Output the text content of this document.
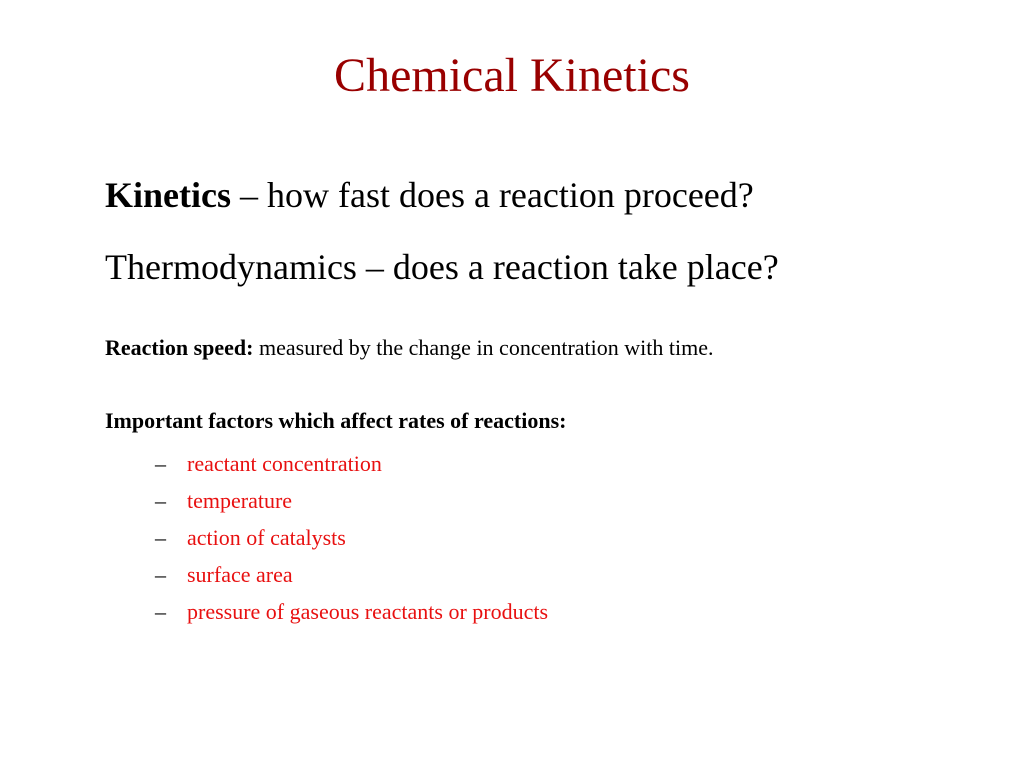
Chemical Kinetics
Kinetics – how fast does a reaction proceed?
Thermodynamics – does a reaction take place?
Reaction speed: measured by the change in concentration with time.
Important factors which affect rates of reactions:
– reactant concentration
– temperature
– action of catalysts
– surface area
– pressure of gaseous reactants or products
